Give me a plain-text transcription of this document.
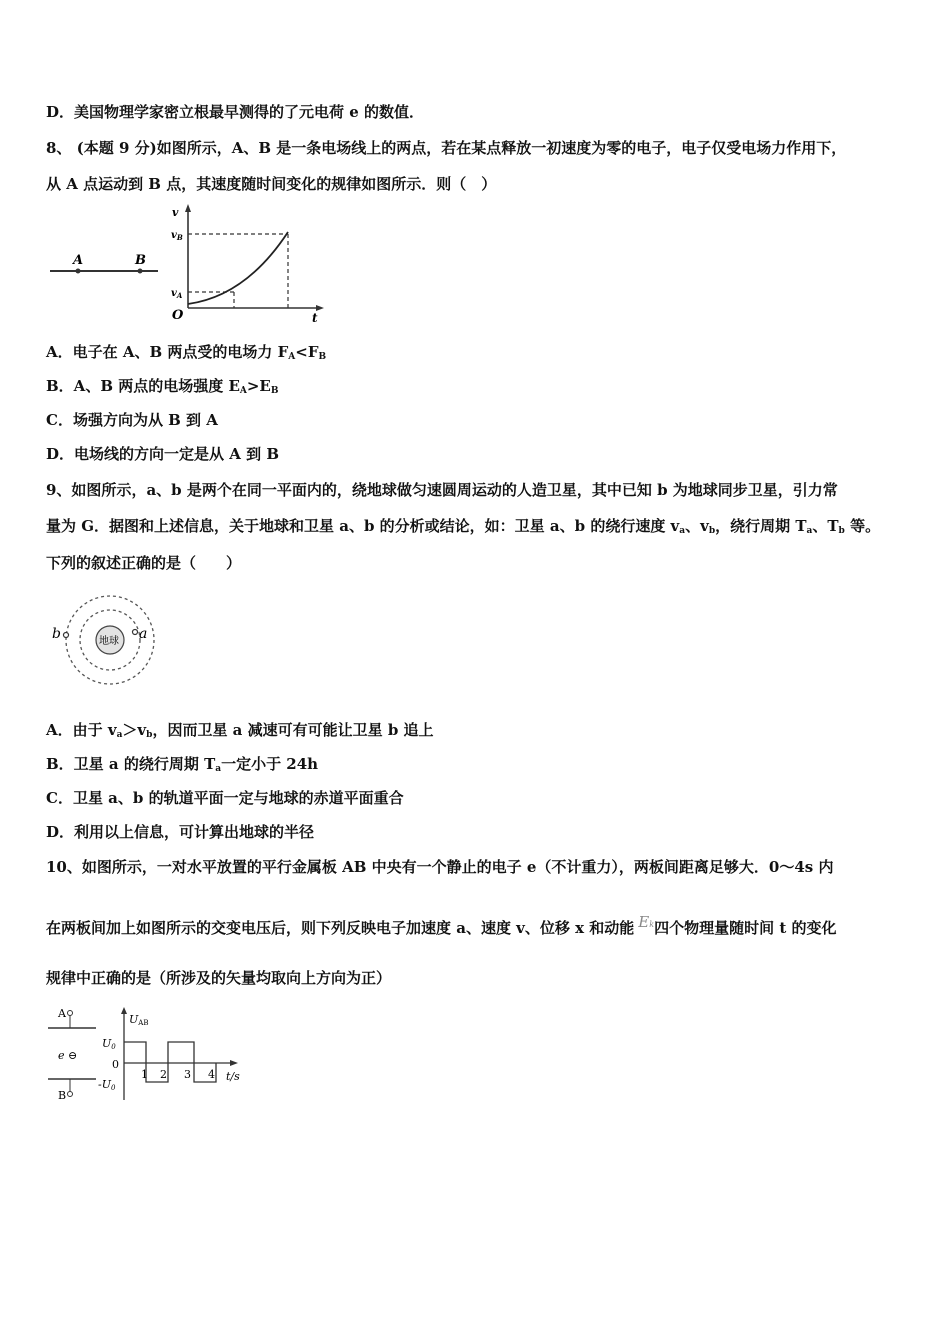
D．美国物理学家密立根最早测得的了元电荷 e 的数值．
8、 (本题 9 分)如图所示，A、B 是一条电场线上的两点，若在某点释放一初速度为零的电子，电子仅受电场力作用下，
从 A 点运动到 B 点，其速度随时间变化的规律如图所示．则（　）
A	B
v
$v_B$
$v_A$
O	t
A．电子在 A、B 两点受的电场力 $F_A<F_B$
B．A、B 两点的电场强度 $E_A>E_B$
C．场强方向为从 B 到 A
D．电场线的方向一定是从 A 到 B
9、如图所示，a、b 是两个在同一平面内的，绕地球做匀速圆周运动的人造卫星，其中已知 b 为地球同步卫星，引力常
量为 G．据图和上述信息，关于地球和卫星 a、b 的分析或结论，如：卫星 a、b 的绕行速度 $v_a$、$v_b$，绕行周期 $T_a$、$T_b$ 等。
下列的叙述正确的是（　　）
地球 a
b
A．由于 $v_a>v_b$，因而卫星 a 减速可有可能让卫星 b 追上
B．卫星 a 的绕行周期 $T_a$一定小于 24h
C．卫星 a、b 的轨道平面一定与地球的赤道平面重合
D．利用以上信息，可计算出地球的半径
10、如图所示，一对水平放置的平行金属板 AB 中央有一个静止的电子 e（不计重力），两板间距离足够大．0～4s 内
在两板间加上如图所示的交变电压后，则下列反映电子加速度 a、速度 v、位移 x 和动能 Ek四个物理量随时间 t 的变化
规律中正确的是（所涉及的矢量均取向上方向为正）
A
e ⊖
B
UAB
U0
0
-U0
1 2 3 4 t/s
